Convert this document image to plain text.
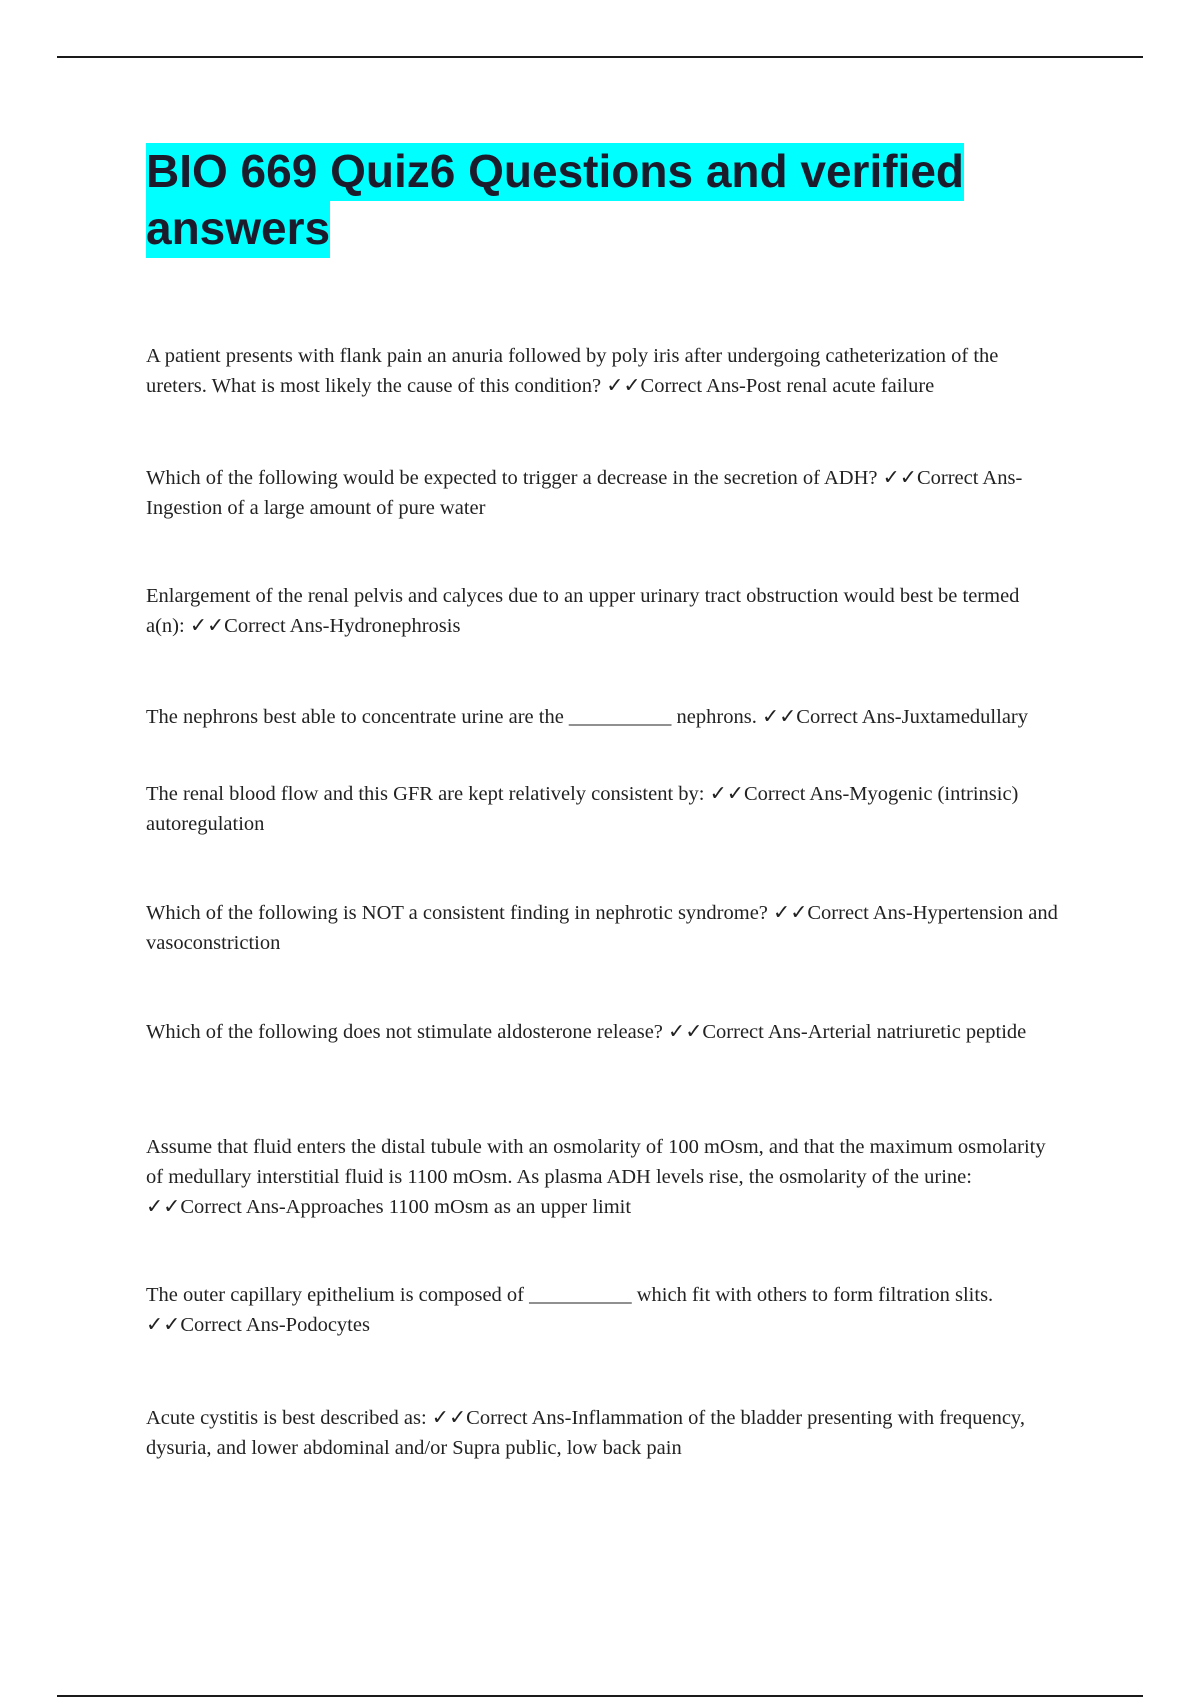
BIO 669 Quiz6 Questions and verified answers

A patient presents with flank pain an anuria followed by poly iris after undergoing catheterization of the ureters. What is most likely the cause of this condition? ✓✓Correct Ans-Post renal acute failure

Which of the following would be expected to trigger a decrease in the secretion of ADH? ✓✓Correct Ans-Ingestion of a large amount of pure water

Enlargement of the renal pelvis and calyces due to an upper urinary tract obstruction would best be termed a(n): ✓✓Correct Ans-Hydronephrosis

The nephrons best able to concentrate urine are the __________ nephrons. ✓✓Correct Ans-Juxtamedullary

The renal blood flow and this GFR are kept relatively consistent by: ✓✓Correct Ans-Myogenic (intrinsic) autoregulation

Which of the following is NOT a consistent finding in nephrotic syndrome? ✓✓Correct Ans-Hypertension and vasoconstriction

Which of the following does not stimulate aldosterone release? ✓✓Correct Ans-Arterial natriuretic peptide

Assume that fluid enters the distal tubule with an osmolarity of 100 mOsm, and that the maximum osmolarity of medullary interstitial fluid is 1100 mOsm. As plasma ADH levels rise, the osmolarity of the urine: ✓✓Correct Ans-Approaches 1100 mOsm as an upper limit

The outer capillary epithelium is composed of __________ which fit with others to form filtration slits. ✓✓Correct Ans-Podocytes

Acute cystitis is best described as: ✓✓Correct Ans-Inflammation of the bladder presenting with frequency, dysuria, and lower abdominal and/or Supra public, low back pain
